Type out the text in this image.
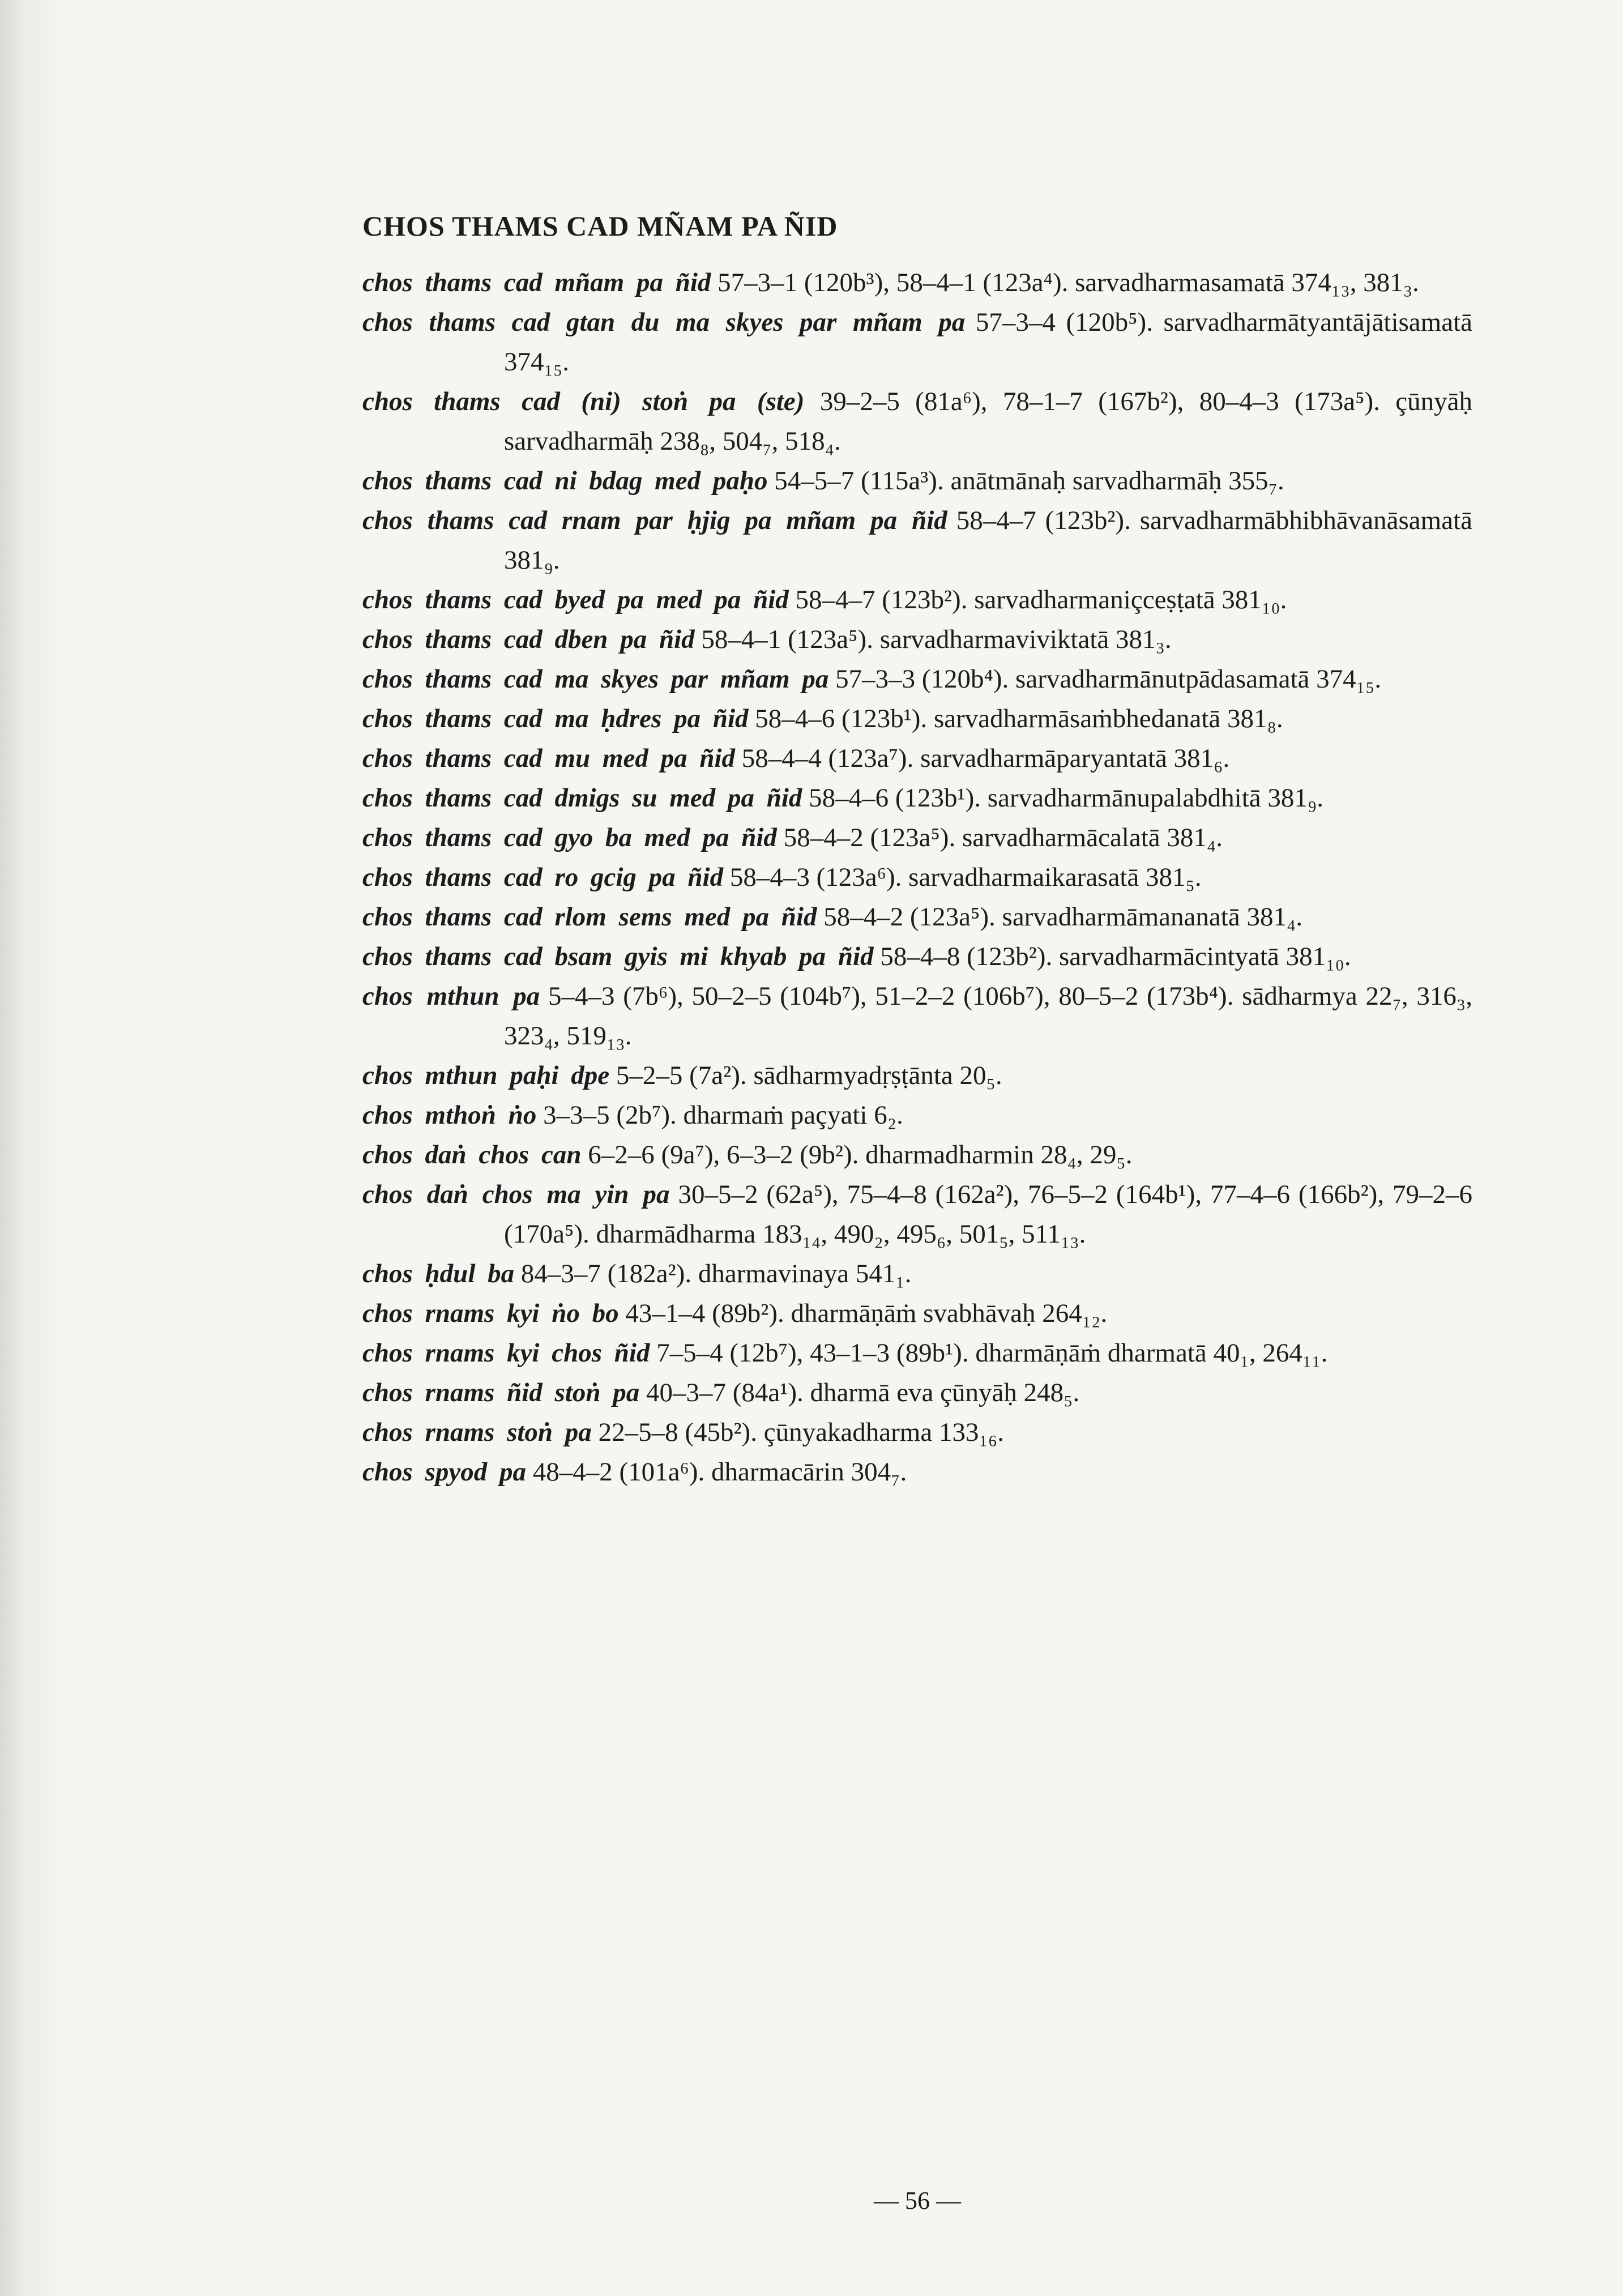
CHOS THAMS CAD MÑAM PA ÑID

chos thams cad mñam pa ñid 57–3–1 (120b³), 58–4–1 (123a⁴). sarvadharmasamatā 374₁₃, 381₃.

chos thams cad gtan du ma skyes par mñam pa 57–3–4 (120b⁵). sarvadharmātyantājātisamatā 374₁₅.

chos thams cad (ni) stoṅ pa (ste) 39–2–5 (81a⁶), 78–1–7 (167b²), 80–4–3 (173a⁵). çūnyāḥ sarvadharmāḥ 238₈, 504₇, 518₄.

chos thams cad ni bdag med paḥo 54–5–7 (115a³). anātmānaḥ sarvadharmāḥ 355₇.

chos thams cad rnam par ḥjig pa mñam pa ñid 58–4–7 (123b²). sarvadharmābhibhāvanāsamatā 381₉.

chos thams cad byed pa med pa ñid 58–4–7 (123b²). sarvadharmaniçceṣṭatā 381₁₀.

chos thams cad dben pa ñid 58–4–1 (123a⁵). sarvadharmaviviktatā 381₃.

chos thams cad ma skyes par mñam pa 57–3–3 (120b⁴). sarvadharmānutpādasamatā 374₁₅.

chos thams cad ma ḥdres pa ñid 58–4–6 (123b¹). sarvadharmāsaṁbhedanatā 381₈.

chos thams cad mu med pa ñid 58–4–4 (123a⁷). sarvadharmāparyantatā 381₆.

chos thams cad dmigs su med pa ñid 58–4–6 (123b¹). sarvadharmānupalabdhitā 381₉.

chos thams cad gyo ba med pa ñid 58–4–2 (123a⁵). sarvadharmācalatā 381₄.

chos thams cad ro gcig pa ñid 58–4–3 (123a⁶). sarvadharmaikarasatā 381₅.

chos thams cad rlom sems med pa ñid 58–4–2 (123a⁵). sarvadharmāmananatā 381₄.

chos thams cad bsam gyis mi khyab pa ñid 58–4–8 (123b²). sarvadharmācintyatā 381₁₀.

chos mthun pa 5–4–3 (7b⁶), 50–2–5 (104b⁷), 51–2–2 (106b⁷), 80–5–2 (173b⁴). sādharmya 22₇, 316₃, 323₄, 519₁₃.

chos mthun paḥi dpe 5–2–5 (7a²). sādharmyadṛṣṭānta 20₅.

chos mthoṅ ṅo 3–3–5 (2b⁷). dharmaṁ paçyati 6₂.

chos daṅ chos can 6–2–6 (9a⁷), 6–3–2 (9b²). dharmadharmin 28₄, 29₅.

chos daṅ chos ma yin pa 30–5–2 (62a⁵), 75–4–8 (162a²), 76–5–2 (164b¹), 77–4–6 (166b²), 79–2–6 (170a⁵). dharmādharma 183₁₄, 490₂, 495₆, 501₅, 511₁₃.

chos ḥdul ba 84–3–7 (182a²). dharmavinaya 541₁.

chos rnams kyi ṅo bo 43–1–4 (89b²). dharmāṇāṁ svabhāvaḥ 264₁₂.

chos rnams kyi chos ñid 7–5–4 (12b⁷), 43–1–3 (89b¹). dharmāṇāṁ dharmatā 40₁, 264₁₁.

chos rnams ñid stoṅ pa 40–3–7 (84a¹). dharmā eva çūnyāḥ 248₅.

chos rnams stoṅ pa 22–5–8 (45b²). çūnyakadharma 133₁₆.

chos spyod pa 48–4–2 (101a⁶). dharmacārin 304₇.

— 56 —
